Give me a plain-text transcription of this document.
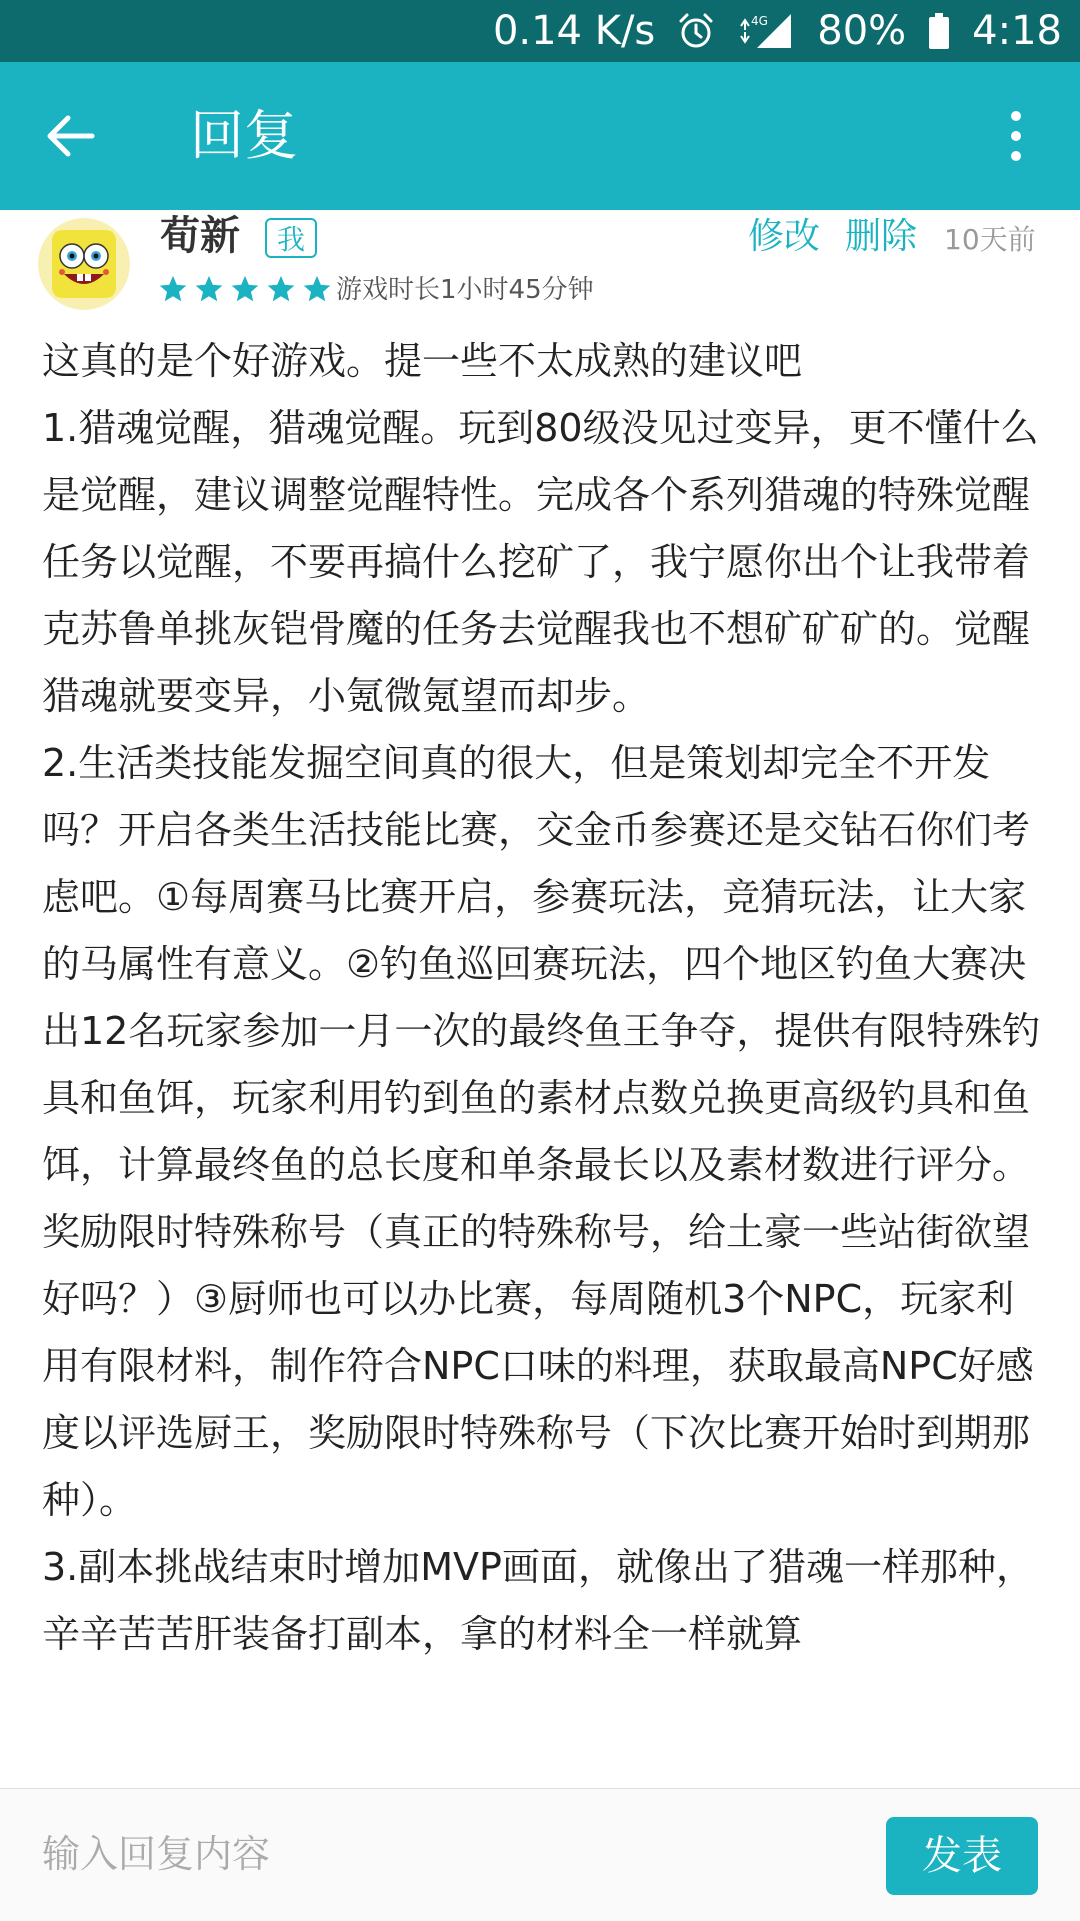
0.14 K/s	4G 80% 4:18
回复
荀新	我
游戏时长1小时45分钟
修改 删除 10天前

这真的是个好游戏。提一些不太成熟的建议吧

1.猎魂觉醒，猎魂觉醒。玩到80级没见过变异，更不懂什么是觉醒，建议调整觉醒特性。完成各个系列猎魂的特殊觉醒任务以觉醒，不要再搞什么挖矿了，我宁愿你出个让我带着克苏鲁单挑灰铠骨魔的任务去觉醒我也不想矿矿矿的。觉醒猎魂就要变异，小氪微氪望而却步。

2.生活类技能发掘空间真的很大，但是策划却完全不开发吗？开启各类生活技能比赛，交金币参赛还是交钻石你们考虑吧。①每周赛马比赛开启，参赛玩法，竞猜玩法，让大家的马属性有意义。②钓鱼巡回赛玩法，四个地区钓鱼大赛决出12名玩家参加一月一次的最终鱼王争夺，提供有限特殊钓具和鱼饵，玩家利用钓到鱼的素材点数兑换更高级钓具和鱼饵，计算最终鱼的总长度和单条最长以及素材数进行评分。奖励限时特殊称号（真正的特殊称号，给土豪一些站街欲望好吗？）③厨师也可以办比赛，每周随机3个NPC，玩家利用有限材料，制作符合NPC口味的料理，获取最高NPC好感度以评选厨王，奖励限时特殊称号（下次比赛开始时到期那种）。

3.副本挑战结束时增加MVP画面，就像出了猎魂一样那种，辛辛苦苦肝装备打副本，拿的材料全一样就算

输入回复内容
发表
